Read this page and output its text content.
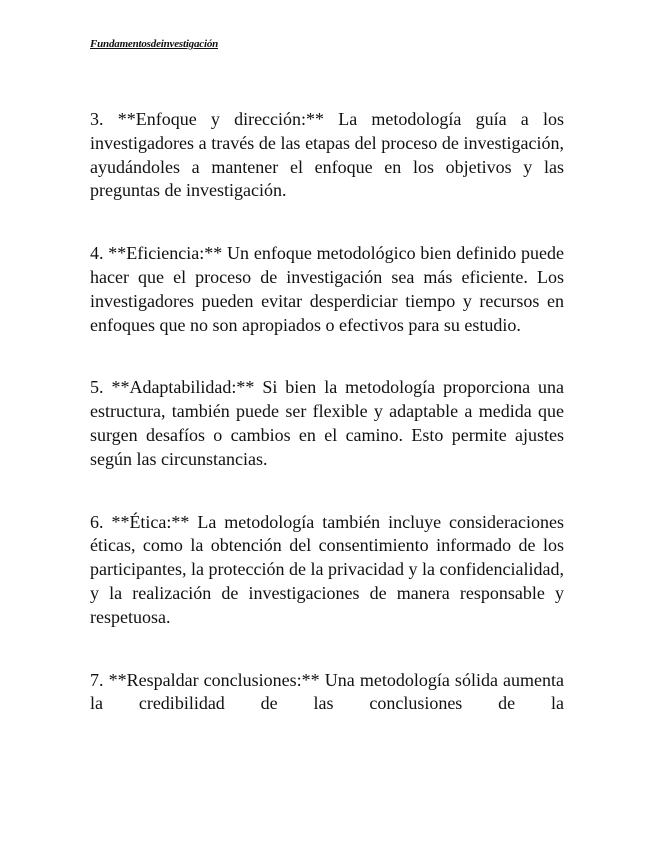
Fundamentosdeinvestigación

3. **Enfoque y dirección:** La metodología guía a los investigadores a través de las etapas del proceso de investigación, ayudándoles a mantener el enfoque en los objetivos y las preguntas de investigación.

4. **Eficiencia:** Un enfoque metodológico bien definido puede hacer que el proceso de investigación sea más eficiente. Los investigadores pueden evitar desperdiciar tiempo y recursos en enfoques que no son apropiados o efectivos para su estudio.

5. **Adaptabilidad:** Si bien la metodología proporciona una estructura, también puede ser flexible y adaptable a medida que surgen desafíos o cambios en el camino. Esto permite ajustes según las circunstancias.

6. **Ética:** La metodología también incluye consideraciones éticas, como la obtención del consentimiento informado de los participantes, la protección de la privacidad y la confidencialidad, y la realización de investigaciones de manera responsable y respetuosa.

7. **Respaldar conclusiones:** Una metodología sólida aumenta la credibilidad de las conclusiones de la
